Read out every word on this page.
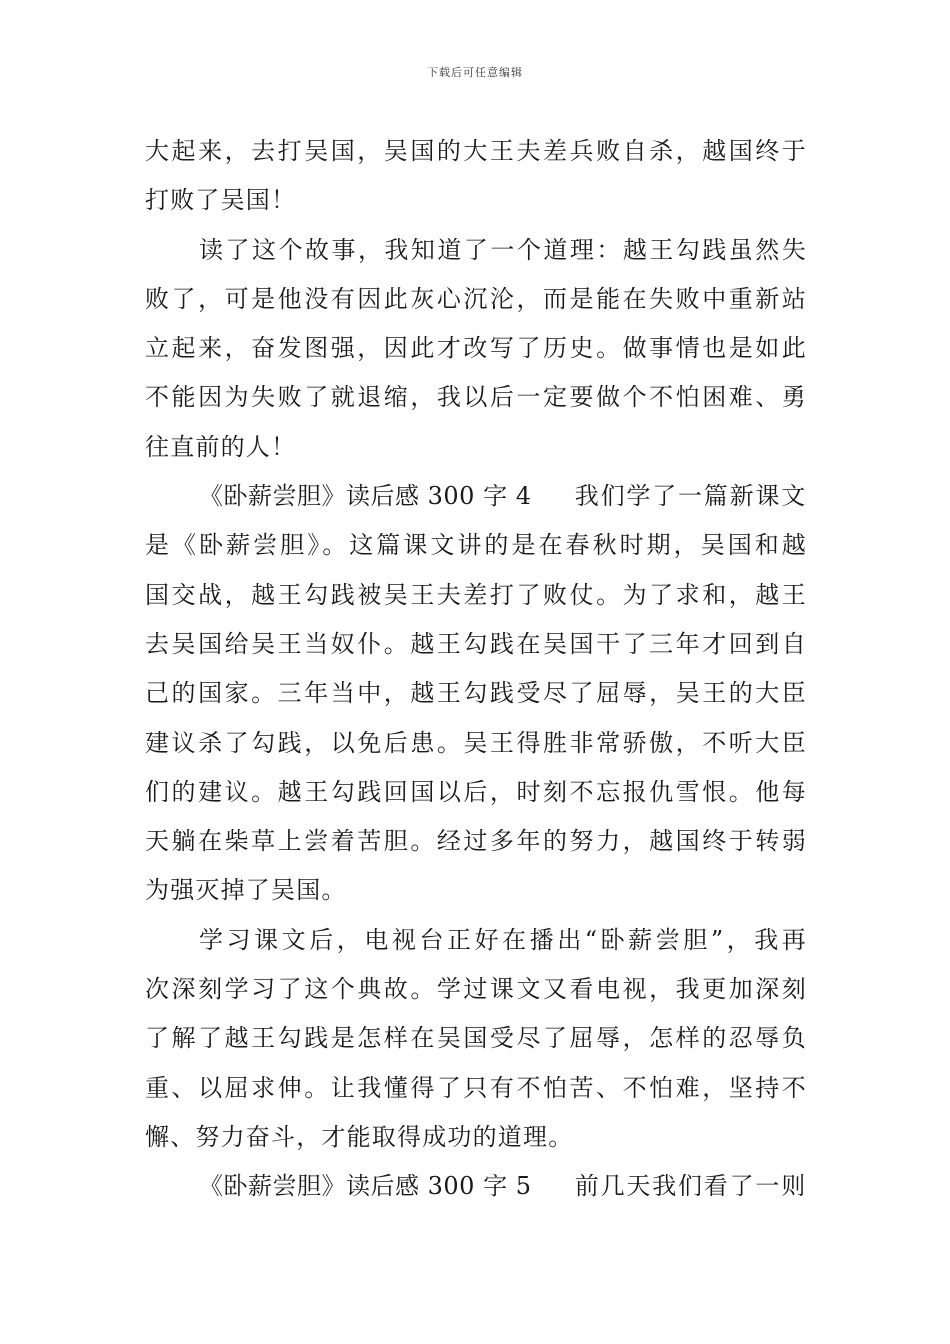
下载后可任意编辑
大起来，去打吴国，吴国的大王夫差兵败自杀，越国终于
打败了吴国！
读了这个故事，我知道了一个道理：越王勾践虽然失
败了，可是他没有因此灰心沉沦，而是能在失败中重新站
立起来，奋发图强，因此才改写了历史。做事情也是如此
不能因为失败了就退缩，我以后一定要做个不怕困难、勇
往直前的人！
《卧薪尝胆》读后感 300 字 4 我们学了一篇新课文
是《卧薪尝胆》。这篇课文讲的是在春秋时期，吴国和越
国交战，越王勾践被吴王夫差打了败仗。为了求和，越王
去吴国给吴王当奴仆。越王勾践在吴国干了三年才回到自
己的国家。三年当中，越王勾践受尽了屈辱，吴王的大臣
建议杀了勾践，以免后患。吴王得胜非常骄傲，不听大臣
们的建议。越王勾践回国以后，时刻不忘报仇雪恨。他每
天躺在柴草上尝着苦胆。经过多年的努力，越国终于转弱
为强灭掉了吴国。
学习课文后，电视台正好在播出“卧薪尝胆”，我再
次深刻学习了这个典故。学过课文又看电视，我更加深刻
了解了越王勾践是怎样在吴国受尽了屈辱，怎样的忍辱负
重、以屈求伸。让我懂得了只有不怕苦、不怕难，坚持不
懈、努力奋斗，才能取得成功的道理。
《卧薪尝胆》读后感 300 字 5 前几天我们看了一则
